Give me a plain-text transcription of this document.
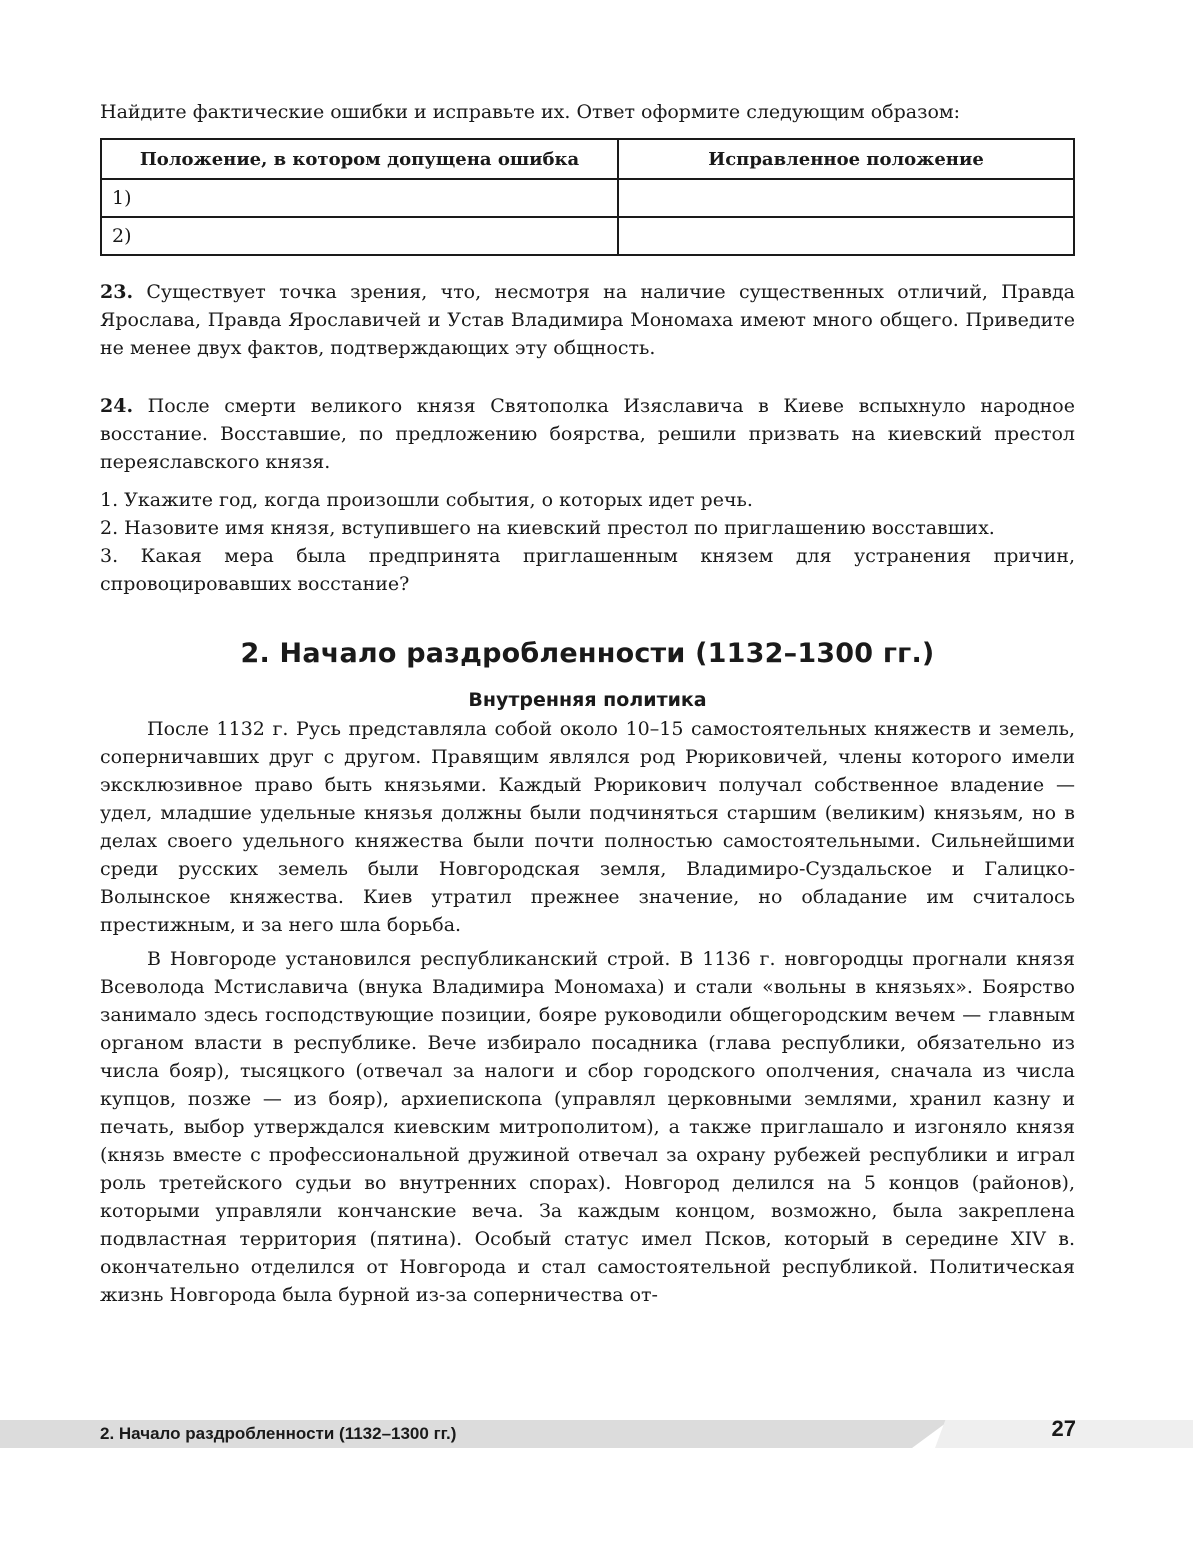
Найдите фактические ошибки и исправьте их. Ответ оформите следующим образом:

Положение, в котором допущена ошибка	Исправленное положение
1)	
2)	

23. Существует точка зрения, что, несмотря на наличие существенных отличий, Правда Ярослава, Правда Ярославичей и Устав Владимира Мономаха имеют много общего. Приведите не менее двух фактов, подтверждающих эту общность.

24. После смерти великого князя Святополка Изяславича в Киеве вспыхнуло народное восстание. Восставшие, по предложению боярства, решили призвать на киевский престол переяславского князя.

1. Укажите год, когда произошли события, о которых идет речь.
2. Назовите имя князя, вступившего на киевский престол по приглашению восставших.
3. Какая мера была предпринята приглашенным князем для устранения причин, спровоцировавших восстание?
2. Начало раздробленности (1132–1300 гг.)
Внутренняя политика

После 1132 г. Русь представляла собой около 10–15 самостоятельных княжеств и земель, соперничавших друг с другом. Правящим являлся род Рюриковичей, члены которого имели эксклюзивное право быть князьями. Каждый Рюрикович получал собственное владение — удел, младшие удельные князья должны были подчиняться старшим (великим) князьям, но в делах своего удельного княжества были почти полностью самостоятельными. Сильнейшими среди русских земель были Новгородская земля, Владимиро-Суздальское и Галицко-Волынское княжества. Киев утратил прежнее значение, но обладание им считалось престижным, и за него шла борьба.

В Новгороде установился республиканский строй. В 1136 г. новгородцы прогнали князя Всеволода Мстиславича (внука Владимира Мономаха) и стали «вольны в князьях». Боярство занимало здесь господствующие позиции, бояре руководили общегородским вечем — главным органом власти в республике. Вече избирало посадника (глава республики, обязательно из числа бояр), тысяцкого (отвечал за налоги и сбор городского ополчения, сначала из числа купцов, позже — из бояр), архиепископа (управлял церковными землями, хранил казну и печать, выбор утверждался киевским митрополитом), а также приглашало и изгоняло князя (князь вместе с профессиональной дружиной отвечал за охрану рубежей республики и играл роль третейского судьи во внутренних спорах). Новгород делился на 5 концов (районов), которыми управляли кончанские веча. За каждым концом, возможно, была закреплена подвластная территория (пятина). Особый статус имел Псков, который в середине XIV в. окончательно отделился от Новгорода и стал самостоятельной республикой. Политическая жизнь Новгорода была бурной из-за соперничества от-

2. Начало раздробленности (1132–1300 гг.)	27
